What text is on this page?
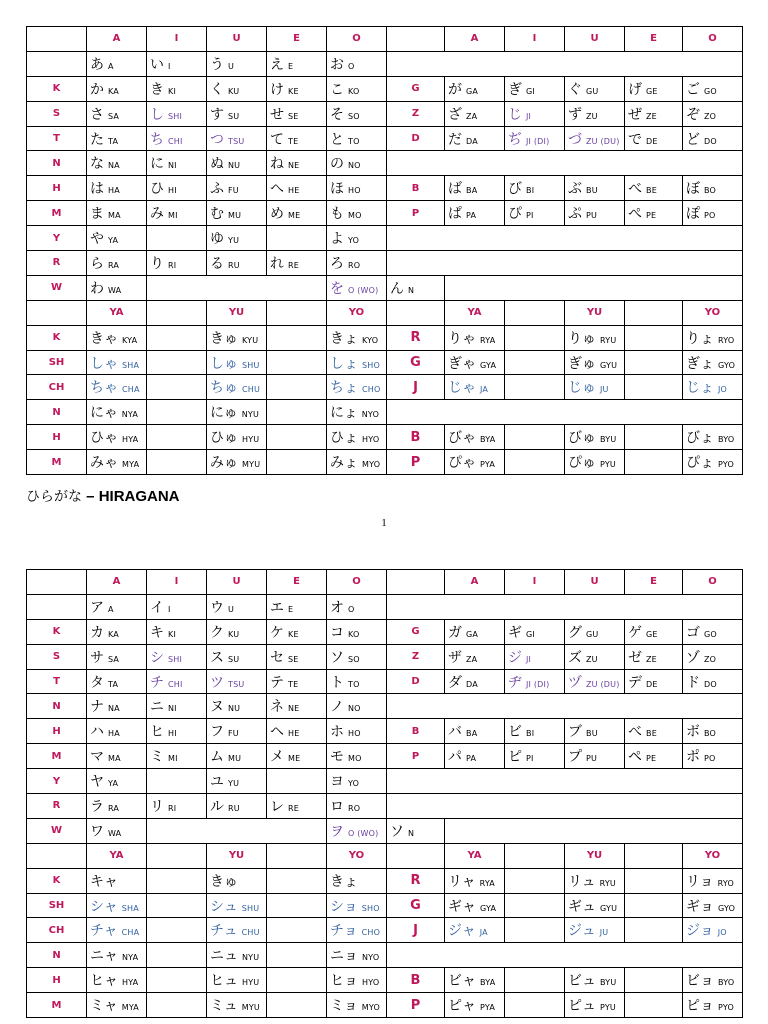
	A	I	U	E	O		A	I	U	E	O
	あ A	い I	う U	え E	お O						
K	か KA	き KI	く KU	け KE	こ KO	G	が GA	ぎ GI	ぐ GU	げ GE	ご GO
S	さ SA	し SHI	す SU	せ SE	そ SO	Z	ざ ZA	じ JI	ず ZU	ぜ ZE	ぞ ZO
T	た TA	ち CHI	つ TSU	て TE	と TO	D	だ DA	ぢ JI (DI)	づ ZU (DU)	で DE	ど DO
N	な NA	に NI	ぬ NU	ね NE	の NO						
H	は HA	ひ HI	ふ FU	へ HE	ほ HO	B	ば BA	び BI	ぶ BU	べ BE	ぼ BO
M	ま MA	み MI	む MU	め ME	も MO	P	ぱ PA	ぴ PI	ぷ PU	ぺ PE	ぽ PO
Y	や YA		ゆ YU		よ YO						
R	ら RA	り RI	る RU	れ RE	ろ RO						
W	わ WA				を O (WO)	ん N					
	YA		YU		YO		YA		YU		YO
K	きゃ KYA		きゅ KYU		きょ KYO	R	りゃ RYA		りゅ RYU		りょ RYO
SH	しゃ SHA		しゅ SHU		しょ SHO	G	ぎゃ GYA		ぎゅ GYU		ぎょ GYO
CH	ちゃ CHA		ちゅ CHU		ちょ CHO	J	じゃ JA		じゅ JU		じょ JO
N	にゃ NYA		にゅ NYU		にょ NYO						
H	ひゃ HYA		ひゅ HYU		ひょ HYO	B	びゃ BYA		びゅ BYU		びょ BYO
M	みゃ MYA		みゅ MYU		みょ MYO	P	ぴゃ PYA		ぴゅ PYU		ぴょ PYO
ひらがな – HIRAGANA
1
	A	I	U	E	O		A	I	U	E	O
	ア A	イ I	ウ U	エ E	オ O						
K	カ KA	キ KI	ク KU	ケ KE	コ KO	G	ガ GA	ギ GI	グ GU	ゲ GE	ゴ GO
S	サ SA	シ SHI	ス SU	セ SE	ソ SO	Z	ザ ZA	ジ JI	ズ ZU	ゼ ZE	ゾ ZO
T	タ TA	チ CHI	ツ TSU	テ TE	ト TO	D	ダ DA	ヂ JI (DI)	ヅ ZU (DU)	デ DE	ド DO
N	ナ NA	ニ NI	ヌ NU	ネ NE	ノ NO						
H	ハ HA	ヒ HI	フ FU	ヘ HE	ホ HO	B	バ BA	ビ BI	ブ BU	べ BE	ボ BO
M	マ MA	ミ MI	ム MU	メ ME	モ MO	P	パ PA	ピ PI	プ PU	ペ PE	ポ PO
Y	ヤ YA		ユ YU		ヨ YO						
R	ラ RA	リ RI	ル RU	レ RE	ロ RO						
W	ワ WA				ヲ O (WO)	ソ N					
	YA		YU		YO		YA		YU		YO
K	キャ		きゅ		きょ	R	リャ RYA		リュ RYU		リョ RYO
SH	シャ SHA		シュ SHU		ショ SHO	G	ギャ GYA		ギュ GYU		ギョ GYO
CH	チャ CHA		チュ CHU		チョ CHO	J	ジャ JA		ジュ JU		ジョ JO
N	ニャ NYA		ニュ NYU		ニョ NYO						
H	ヒャ HYA		ヒュ HYU		ヒョ HYO	B	ビャ BYA		ビュ BYU		ビョ BYO
M	ミャ MYA		ミュ MYU		ミョ MYO	P	ピャ PYA		ピュ PYU		ピョ PYO
